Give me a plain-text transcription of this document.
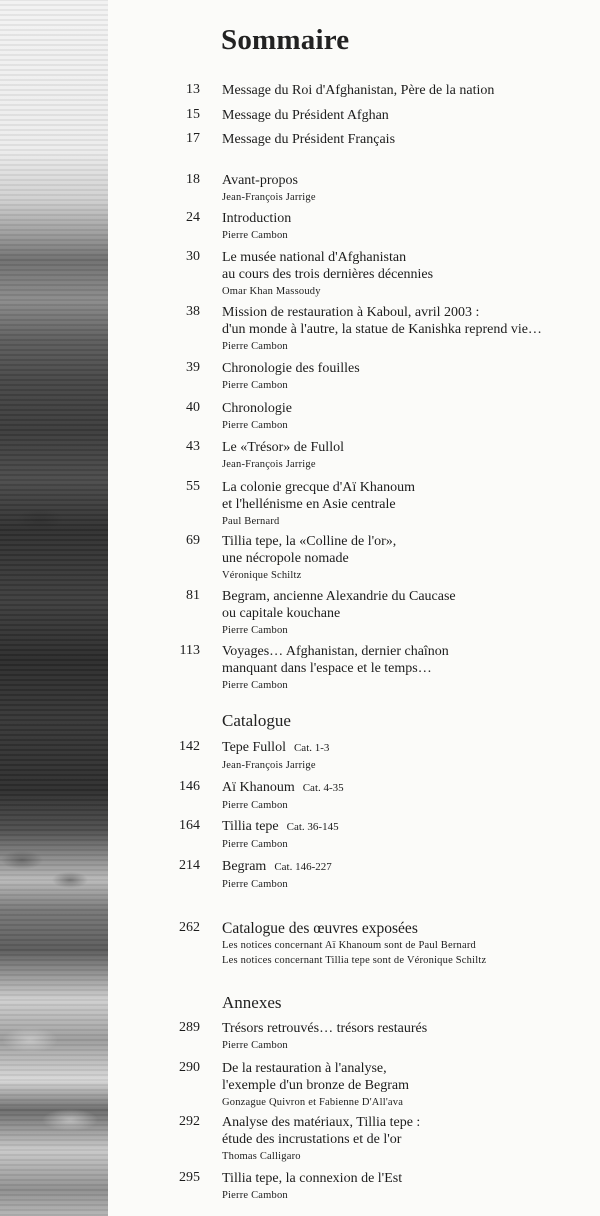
Sommaire
13 Message du Roi d'Afghanistan, Père de la nation
15 Message du Président Afghan
17 Message du Président Français
18 Avant-propos
Jean-François Jarrige
24 Introduction
Pierre Cambon
30 Le musée national d'Afghanistan
au cours des trois dernières décennies
Omar Khan Massoudy
38 Mission de restauration à Kaboul, avril 2003 :
d'un monde à l'autre, la statue de Kanishka reprend vie…
Pierre Cambon
39 Chronologie des fouilles
Pierre Cambon
40 Chronologie
Pierre Cambon
43 Le «Trésor» de Fullol
Jean-François Jarrige
55 La colonie grecque d'Aï Khanoum
et l'hellénisme en Asie centrale
Paul Bernard
69 Tillia tepe, la «Colline de l'or»,
une nécropole nomade
Véronique Schiltz
81 Begram, ancienne Alexandrie du Caucase
ou capitale kouchane
Pierre Cambon
113 Voyages… Afghanistan, dernier chaînon
manquant dans l'espace et le temps…
Pierre Cambon
Catalogue
142 Tepe Fullol Cat. 1-3
Jean-François Jarrige
146 Aï Khanoum Cat. 4-35
Pierre Cambon
164 Tillia tepe Cat. 36-145
Pierre Cambon
214 Begram Cat. 146-227
Pierre Cambon
262 Catalogue des œuvres exposées
Les notices concernant Aï Khanoum sont de Paul Bernard
Les notices concernant Tillia tepe sont de Véronique Schiltz
Annexes
289 Trésors retrouvés… trésors restaurés
Pierre Cambon
290 De la restauration à l'analyse,
l'exemple d'un bronze de Begram
Gonzague Quivron et Fabienne D'All'ava
292 Analyse des matériaux, Tillia tepe :
étude des incrustations et de l'or
Thomas Calligaro
295 Tillia tepe, la connexion de l'Est
Pierre Cambon
